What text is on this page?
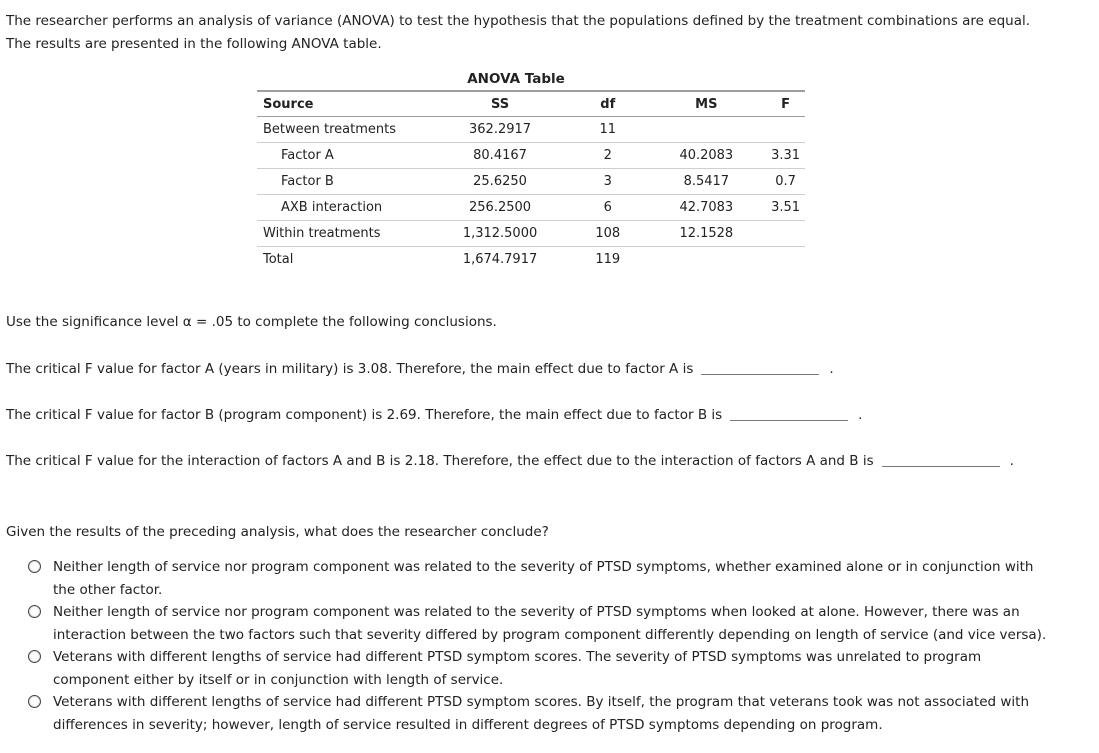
The researcher performs an analysis of variance (ANOVA) to test the hypothesis that the populations defined by the treatment combinations are equal.

The results are presented in the following ANOVA table.

ANOVA Table
Source	SS	df	MS	F
Between treatments	362.2917	11		
Factor A	80.4167	2	40.2083	3.31
Factor B	25.6250	3	8.5417	0.7
AXB interaction	256.2500	6	42.7083	3.51
Within treatments	1,312.5000	108	12.1528	
Total	1,674.7917	119		
Use the significance level α = .05 to complete the following conclusions.
The critical F value for factor A (years in military) is 3.08. Therefore, the main effect due to factor A is	.
The critical F value for factor B (program component) is 2.69. Therefore, the main effect due to factor B is	.
The critical F value for the interaction of factors A and B is 2.18. Therefore, the effect due to the interaction of factors A and B is	.
Given the results of the preceding analysis, what does the researcher conclude?
Neither length of service nor program component was related to the severity of PTSD symptoms, whether examined alone or in conjunction with
the other factor.
Neither length of service nor program component was related to the severity of PTSD symptoms when looked at alone. However, there was an
interaction between the two factors such that severity differed by program component differently depending on length of service (and vice versa).
Veterans with different lengths of service had different PTSD symptom scores. The severity of PTSD symptoms was unrelated to program
component either by itself or in conjunction with length of service.
Veterans with different lengths of service had different PTSD symptom scores. By itself, the program that veterans took was not associated with
differences in severity; however, length of service resulted in different degrees of PTSD symptoms depending on program.
